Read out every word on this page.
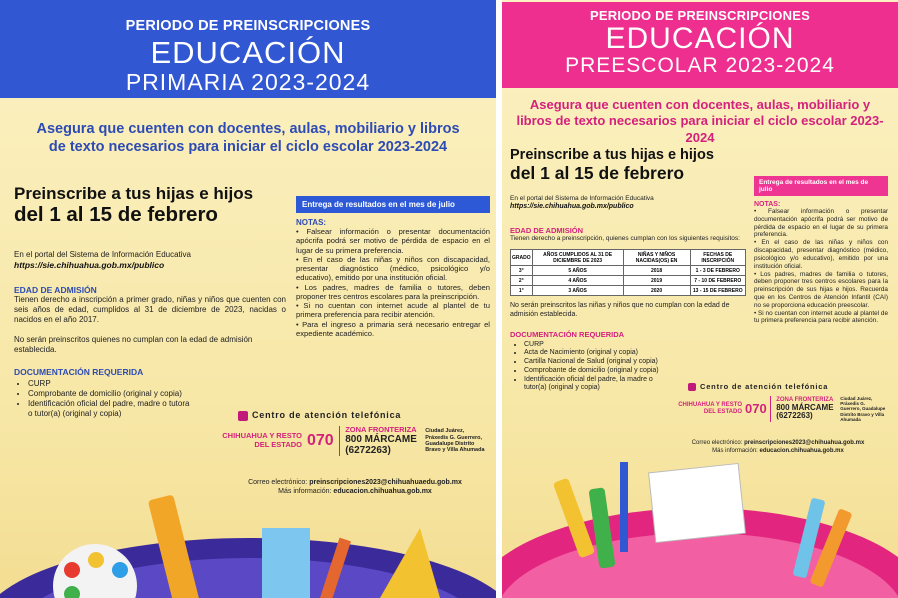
PERIODO DE PREINSCRIPCIONES
EDUCACIÓN
PRIMARIA 2023-2024
Asegura que cuenten con docentes, aulas, mobiliario y libros de texto necesarios para iniciar el ciclo escolar 2023-2024
Preinscribe a tus hijas e hijos
del 1 al 15 de febrero
En el portal del Sistema de Información Educativa
https://sie.chihuahua.gob.mx/publico
EDAD DE ADMISIÓN
Tienen derecho a inscripción a primer grado, niñas y niños que cuenten con seis años de edad, cumplidos al 31 de diciembre de 2023, nacidas o nacidos en el año 2017.
No serán preinscritos quienes no cumplan con la edad de admisión establecida.
DOCUMENTACIÓN REQUERIDA
• CURP
• Comprobante de domicilio (original y copia)
• Identificación oficial del padre, madre o tutora o tutor(a) (original y copia)
Entrega de resultados en el mes de julio
NOTAS:
• Falsear información o presentar documentación apócrifa podrá ser motivo de pérdida de espacio en el lugar de su primera preferencia.
• En el caso de las niñas y niños con discapacidad, presentar diagnóstico (médico, psicológico y/o educativo), emitido por una institución oficial.
• Los padres, madres de familia o tutores, deben proponer tres centros escolares para la preinscripción.
• Si no cuentan con internet acude al plantel de tu primera preferencia para recibir atención.
• Para el ingreso a primaria será necesario entregar el expediente académico.
Centro de atención telefónica
CHIHUAHUA Y RESTO DEL ESTADO 070
ZONA FRONTERIZA
800 MÁRCAME (6272263)
Ciudad Juárez, Práxedis G. Guerrero, Guadalupe Distrito Bravo y Villa Ahumada
Correo electrónico: preinscripciones2023@chihuahuaedu.gob.mx
Más información: educacion.chihuahua.gob.mx
PERIODO DE PREINSCRIPCIONES
EDUCACIÓN
PREESCOLAR 2023-2024
Asegura que cuenten con docentes, aulas, mobiliario y libros de texto necesarios para iniciar el ciclo escolar 2023-2024
Preinscribe a tus hijas e hijos
del 1 al 15 de febrero
En el portal del Sistema de Información Educativa
https://sie.chihuahua.gob.mx/publico
EDAD DE ADMISIÓN
Tienen derecho a preinscripción, quienes cumplan con los siguientes requisitos:
GRADO	AÑOS CUMPLIDOS AL 31 DE DICIEMBRE DE 2023	NIÑAS Y NIÑOS NACIDAS(OS) EN	FECHAS DE INSCRIPCIÓN
3°	5 AÑOS	2018	1 - 3 DE FEBRERO
2°	4 AÑOS	2019	7 - 10 DE FEBRERO
1°	3 AÑOS	2020	13 - 15 DE FEBRERO
No serán preinscritos las niñas y niños que no cumplan con la edad de admisión establecida.
DOCUMENTACIÓN REQUERIDA
• CURP
• Acta de Nacimiento (original y copia)
• Cartilla Nacional de Salud (original y copia)
• Comprobante de domicilio (original y copia)
• Identificación oficial del padre, la madre o tutor(a) (original y copia)
Entrega de resultados en el mes de julio
NOTAS:
• Falsear información o presentar documentación apócrifa podrá ser motivo de pérdida de espacio en el lugar de su primera preferencia.
• En el caso de las niñas y niños con discapacidad, presentar diagnóstico (médico, psicológico y/o educativo), emitido por una institución oficial.
• Los padres, madres de familia o tutores, deben proponer tres centros escolares para la preinscripción de sus hijas e hijos. Recuerda que en los Centros de Atención Infantil (CAI) no se proporciona educación preescolar.
• Si no cuentan con internet acude al plantel de tu primera preferencia para recibir atención.
Centro de atención telefónica
CHIHUAHUA Y RESTO DEL ESTADO 070
ZONA FRONTERIZA
800 MÁRCAME (6272263)
Ciudad Juárez, Práxedis G. Guerrero, Guadalupe Distrito Bravo y Villa Ahumada
Correo electrónico: preinscripciones2023@chihuahua.gob.mx
Más información: educacion.chihuahua.gob.mx
